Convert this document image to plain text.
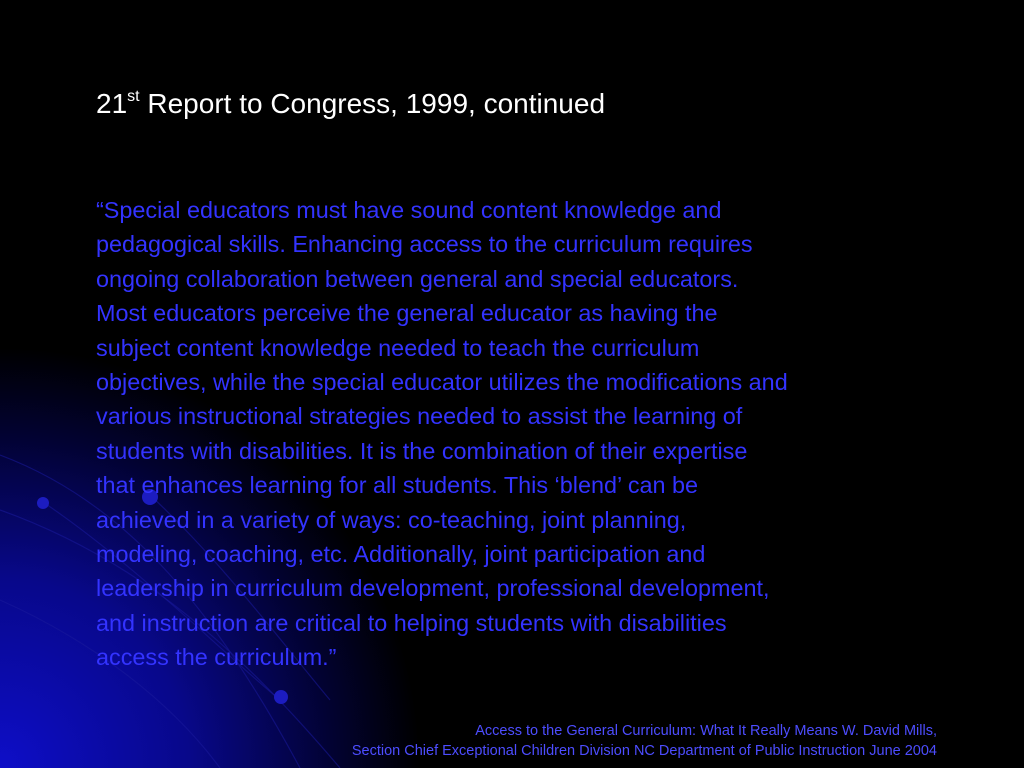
21st Report to Congress, 1999, continued
“Special educators must have sound content knowledge and
pedagogical skills. Enhancing access to the curriculum requires
ongoing collaboration between general and special educators.
Most educators perceive the general educator as having the
subject content knowledge needed to teach the curriculum
objectives, while the special educator utilizes the modifications and
various instructional strategies needed to assist the learning of
students with disabilities. It is the combination of their expertise
that enhances learning for all students. This ‘blend’ can be
achieved in a variety of ways: co-teaching, joint planning,
modeling, coaching, etc. Additionally, joint participation and
leadership in curriculum development, professional development,
and instruction are critical to helping students with disabilities
access the curriculum.”
Access to the General Curriculum: What It Really Means W. David Mills,
Section Chief Exceptional Children Division NC Department of Public Instruction June 2004
